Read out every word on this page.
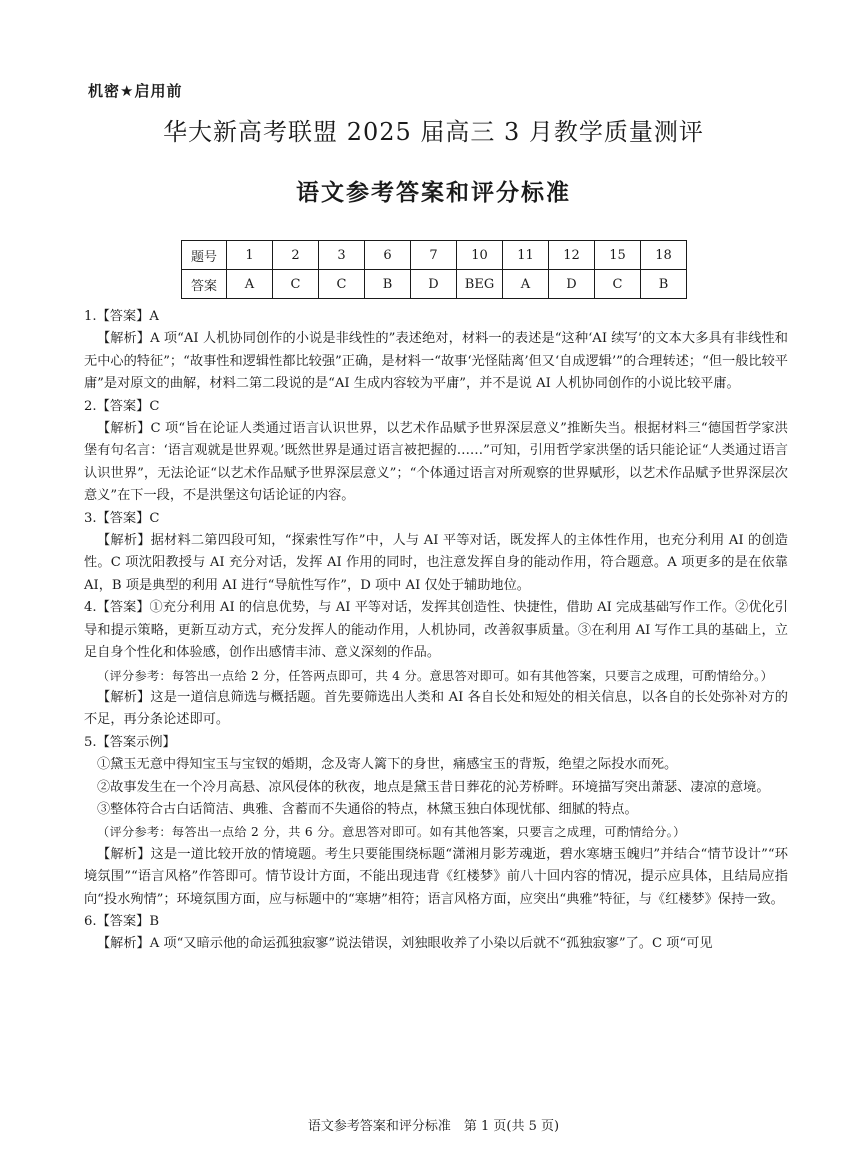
机密★启用前
华大新高考联盟 2025 届高三 3 月教学质量测评
语文参考答案和评分标准
题号	1	2	3	6	7	10	11	12	15	18
答案	A	C	C	B	D	BEG	A	D	C	B

1.【答案】A

【解析】A 项“AI 人机协同创作的小说是非线性的”表述绝对，材料一的表述是“这种‘AI 续写’的文本大多具有非线性和无中心的特征”；“故事性和逻辑性都比较强”正确，是材料一“故事‘光怪陆离’但又‘自成逻辑’”的合理转述；“但一般比较平庸”是对原文的曲解，材料二第二段说的是“AI 生成内容较为平庸”，并不是说 AI 人机协同创作的小说比较平庸。

2.【答案】C

【解析】C 项“旨在论证人类通过语言认识世界，以艺术作品赋予世界深层意义”推断失当。根据材料三“德国哲学家洪堡有句名言：‘语言观就是世界观。’既然世界是通过语言被把握的……”可知，引用哲学家洪堡的话只能论证“人类通过语言认识世界”，无法论证“以艺术作品赋予世界深层意义”；“个体通过语言对所观察的世界赋形，以艺术作品赋予世界深层次意义”在下一段，不是洪堡这句话论证的内容。

3.【答案】C

【解析】据材料二第四段可知，“探索性写作”中，人与 AI 平等对话，既发挥人的主体性作用，也充分利用 AI 的创造性。C 项沈阳教授与 AI 充分对话，发挥 AI 作用的同时，也注意发挥自身的能动作用，符合题意。A 项更多的是在依靠 AI，B 项是典型的利用 AI 进行“导航性写作”，D 项中 AI 仅处于辅助地位。

4.【答案】①充分利用 AI 的信息优势，与 AI 平等对话，发挥其创造性、快捷性，借助 AI 完成基础写作工作。②优化引导和提示策略，更新互动方式，充分发挥人的能动作用，人机协同，改善叙事质量。③在利用 AI 写作工具的基础上，立足自身个性化和体验感，创作出感情丰沛、意义深刻的作品。

（评分参考：每答出一点给 2 分，任答两点即可，共 4 分。意思答对即可。如有其他答案，只要言之成理，可酌情给分。）

【解析】这是一道信息筛选与概括题。首先要筛选出人类和 AI 各自长处和短处的相关信息，以各自的长处弥补对方的不足，再分条论述即可。

5.【答案示例】

①黛玉无意中得知宝玉与宝钗的婚期，念及寄人篱下的身世，痛感宝玉的背叛，绝望之际投水而死。

②故事发生在一个冷月高悬、凉风侵体的秋夜，地点是黛玉昔日葬花的沁芳桥畔。环境描写突出萧瑟、凄凉的意境。

③整体符合古白话简洁、典雅、含蓄而不失通俗的特点，林黛玉独白体现忧郁、细腻的特点。

（评分参考：每答出一点给 2 分，共 6 分。意思答对即可。如有其他答案，只要言之成理，可酌情给分。）

【解析】这是一道比较开放的情境题。考生只要能围绕标题“潇湘月影芳魂逝，碧水寒塘玉魄归”并结合“情节设计”“环境氛围”“语言风格”作答即可。情节设计方面，不能出现违背《红楼梦》前八十回内容的情况，提示应具体，且结局应指向“投水殉情”；环境氛围方面，应与标题中的“寒塘”相符；语言风格方面，应突出“典雅”特征，与《红楼梦》保持一致。

6.【答案】B

【解析】A 项“又暗示他的命运孤独寂寥”说法错误，刘独眼收养了小染以后就不“孤独寂寥”了。C 项“可见

语文参考答案和评分标准　第 1 页(共 5 页)
